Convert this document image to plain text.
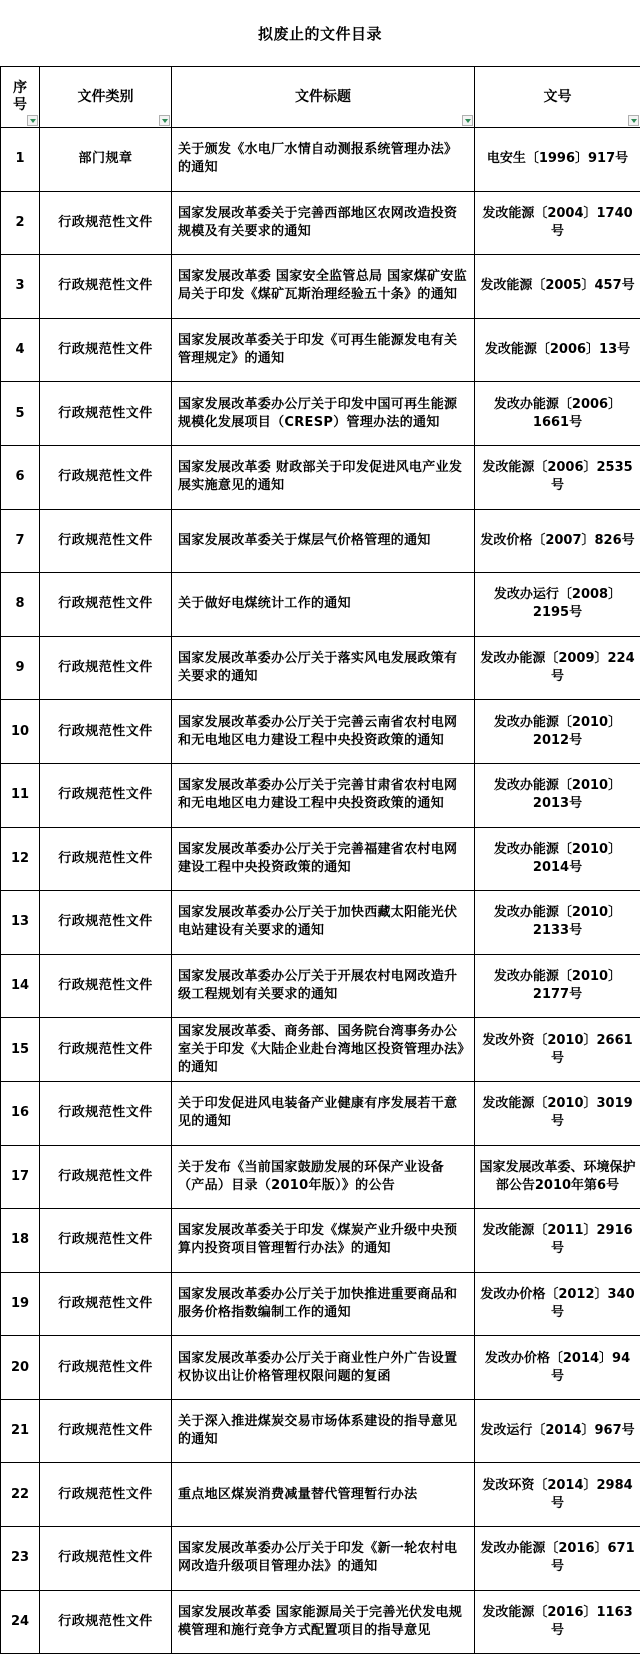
拟废止的文件目录
序号	文件类别	文件标题	文号

1	部门规章	关于颁发《水电厂水情自动测报系统管理办法》的通知	电安生〔1996〕917号
2	行政规范性文件	国家发展改革委关于完善西部地区农网改造投资规模及有关要求的通知	发改能源〔2004〕1740号
3	行政规范性文件	国家发展改革委 国家安全监管总局 国家煤矿安监局关于印发《煤矿瓦斯治理经验五十条》的通知	发改能源〔2005〕457号
4	行政规范性文件	国家发展改革委关于印发《可再生能源发电有关管理规定》的通知	发改能源〔2006〕13号
5	行政规范性文件	国家发展改革委办公厅关于印发中国可再生能源规模化发展项目（CRESP）管理办法的通知	发改办能源〔2006〕1661号
6	行政规范性文件	国家发展改革委 财政部关于印发促进风电产业发展实施意见的通知	发改能源〔2006〕2535号
7	行政规范性文件	国家发展改革委关于煤层气价格管理的通知	发改价格〔2007〕826号
8	行政规范性文件	关于做好电煤统计工作的通知	发改办运行〔2008〕2195号
9	行政规范性文件	国家发展改革委办公厅关于落实风电发展政策有关要求的通知	发改办能源〔2009〕224号
10	行政规范性文件	国家发展改革委办公厅关于完善云南省农村电网和无电地区电力建设工程中央投资政策的通知	发改办能源〔2010〕2012号
11	行政规范性文件	国家发展改革委办公厅关于完善甘肃省农村电网和无电地区电力建设工程中央投资政策的通知	发改办能源〔2010〕2013号
12	行政规范性文件	国家发展改革委办公厅关于完善福建省农村电网建设工程中央投资政策的通知	发改办能源〔2010〕2014号
13	行政规范性文件	国家发展改革委办公厅关于加快西藏太阳能光伏电站建设有关要求的通知	发改办能源〔2010〕2133号
14	行政规范性文件	国家发展改革委办公厅关于开展农村电网改造升级工程规划有关要求的通知	发改办能源〔2010〕2177号
15	行政规范性文件	国家发展改革委、商务部、国务院台湾事务办公室关于印发《大陆企业赴台湾地区投资管理办法》的通知	发改外资〔2010〕2661号
16	行政规范性文件	关于印发促进风电装备产业健康有序发展若干意见的通知	发改能源〔2010〕3019号
17	行政规范性文件	关于发布《当前国家鼓励发展的环保产业设备（产品）目录（2010年版）》的公告	国家发展改革委、环境保护部公告2010年第6号
18	行政规范性文件	国家发展改革委关于印发《煤炭产业升级中央预算内投资项目管理暂行办法》的通知	发改能源〔2011〕2916号
19	行政规范性文件	国家发展改革委办公厅关于加快推进重要商品和服务价格指数编制工作的通知	发改办价格〔2012〕340号
20	行政规范性文件	国家发展改革委办公厅关于商业性户外广告设置权协议出让价格管理权限问题的复函	发改办价格〔2014〕94号
21	行政规范性文件	关于深入推进煤炭交易市场体系建设的指导意见的通知	发改运行〔2014〕967号
22	行政规范性文件	重点地区煤炭消费减量替代管理暂行办法	发改环资〔2014〕2984号
23	行政规范性文件	国家发展改革委办公厅关于印发《新一轮农村电网改造升级项目管理办法》的通知	发改办能源〔2016〕671号
24	行政规范性文件	国家发展改革委 国家能源局关于完善光伏发电规模管理和施行竞争方式配置项目的指导意见	发改能源〔2016〕1163号
